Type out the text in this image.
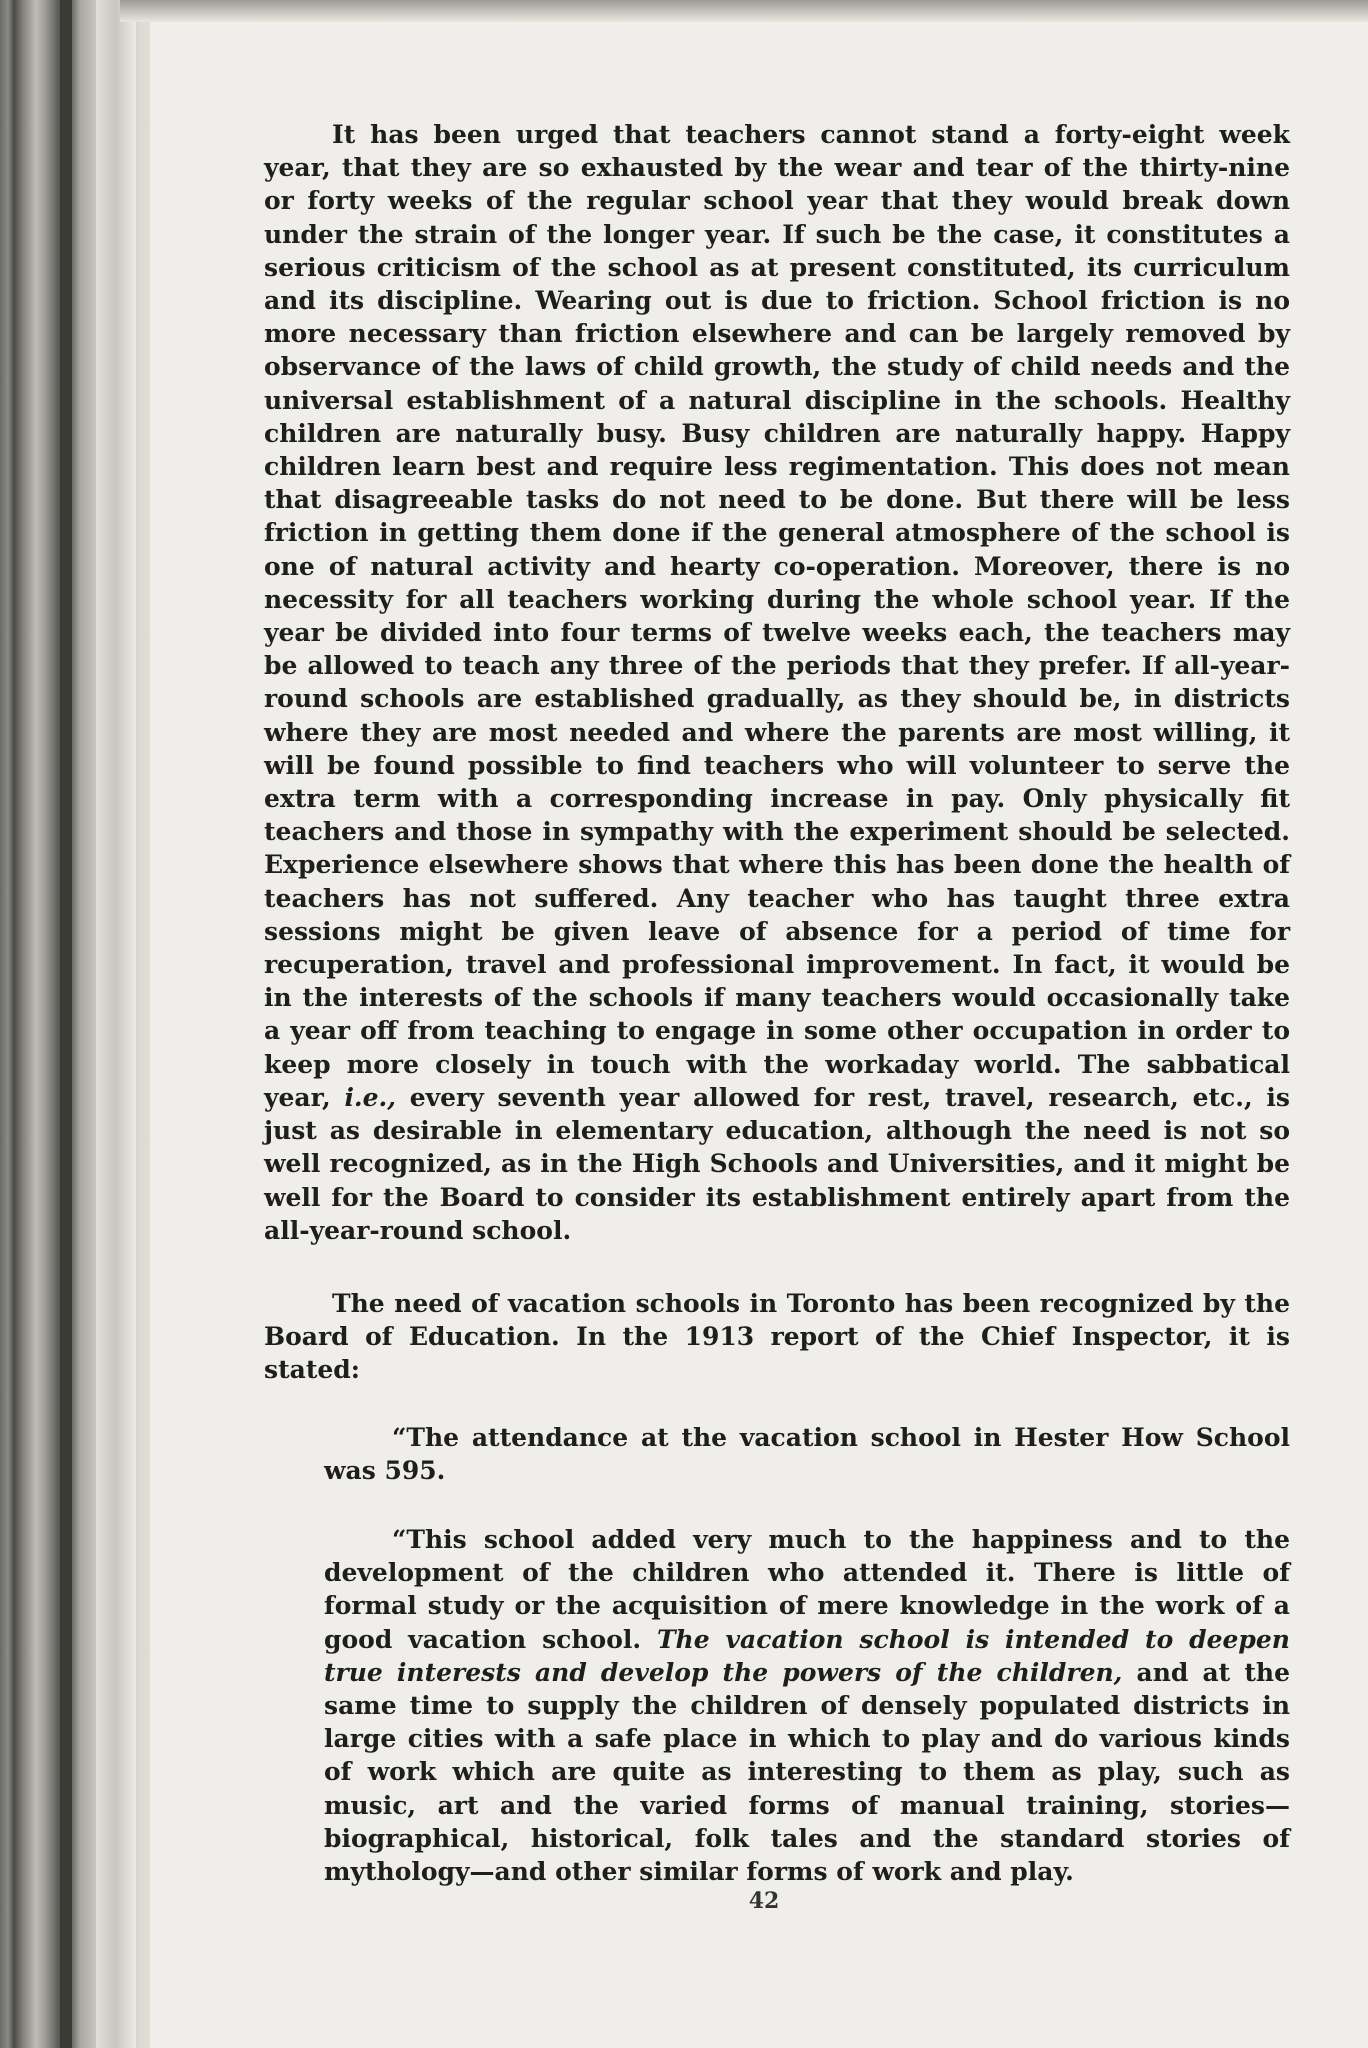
It has been urged that teachers cannot stand a forty-eight week year, that they are so exhausted by the wear and tear of the thirty-nine or forty weeks of the regular school year that they would break down under the strain of the longer year. If such be the case, it constitutes a serious criticism of the school as at present constituted, its curriculum and its discipline. Wearing out is due to friction. School friction is no more necessary than friction elsewhere and can be largely removed by observance of the laws of child growth, the study of child needs and the universal establishment of a natural discipline in the schools. Healthy children are naturally busy. Busy children are naturally happy. Happy children learn best and require less regimentation. This does not mean that disagreeable tasks do not need to be done. But there will be less friction in getting them done if the general atmosphere of the school is one of natural activity and hearty co-operation. Moreover, there is no necessity for all teachers working during the whole school year. If the year be divided into four terms of twelve weeks each, the teachers may be allowed to teach any three of the periods that they prefer. If all-year-round schools are established gradually, as they should be, in districts where they are most needed and where the parents are most willing, it will be found possible to find teachers who will volunteer to serve the extra term with a corresponding increase in pay. Only physically fit teachers and those in sympathy with the experiment should be selected. Experience elsewhere shows that where this has been done the health of teachers has not suffered. Any teacher who has taught three extra sessions might be given leave of absence for a period of time for recuperation, travel and professional improvement. In fact, it would be in the interests of the schools if many teachers would occasionally take a year off from teaching to engage in some other occupation in order to keep more closely in touch with the workaday world. The sabbatical year, i.e., every seventh year allowed for rest, travel, research, etc., is just as desirable in elementary education, although the need is not so well recognized, as in the High Schools and Universities, and it might be well for the Board to consider its establishment entirely apart from the all-year-round school.

The need of vacation schools in Toronto has been recognized by the Board of Education. In the 1913 report of the Chief Inspector, it is stated:

“The attendance at the vacation school in Hester How School was 595.

“This school added very much to the happiness and to the development of the children who attended it. There is little of formal study or the acquisition of mere knowledge in the work of a good vacation school. The vacation school is intended to deepen true interests and develop the powers of the children, and at the same time to supply the children of densely populated districts in large cities with a safe place in which to play and do various kinds of work which are quite as interesting to them as play, such as music, art and the varied forms of manual training, stories—biographical, historical, folk tales and the standard stories of mythology—and other similar forms of work and play.

42
